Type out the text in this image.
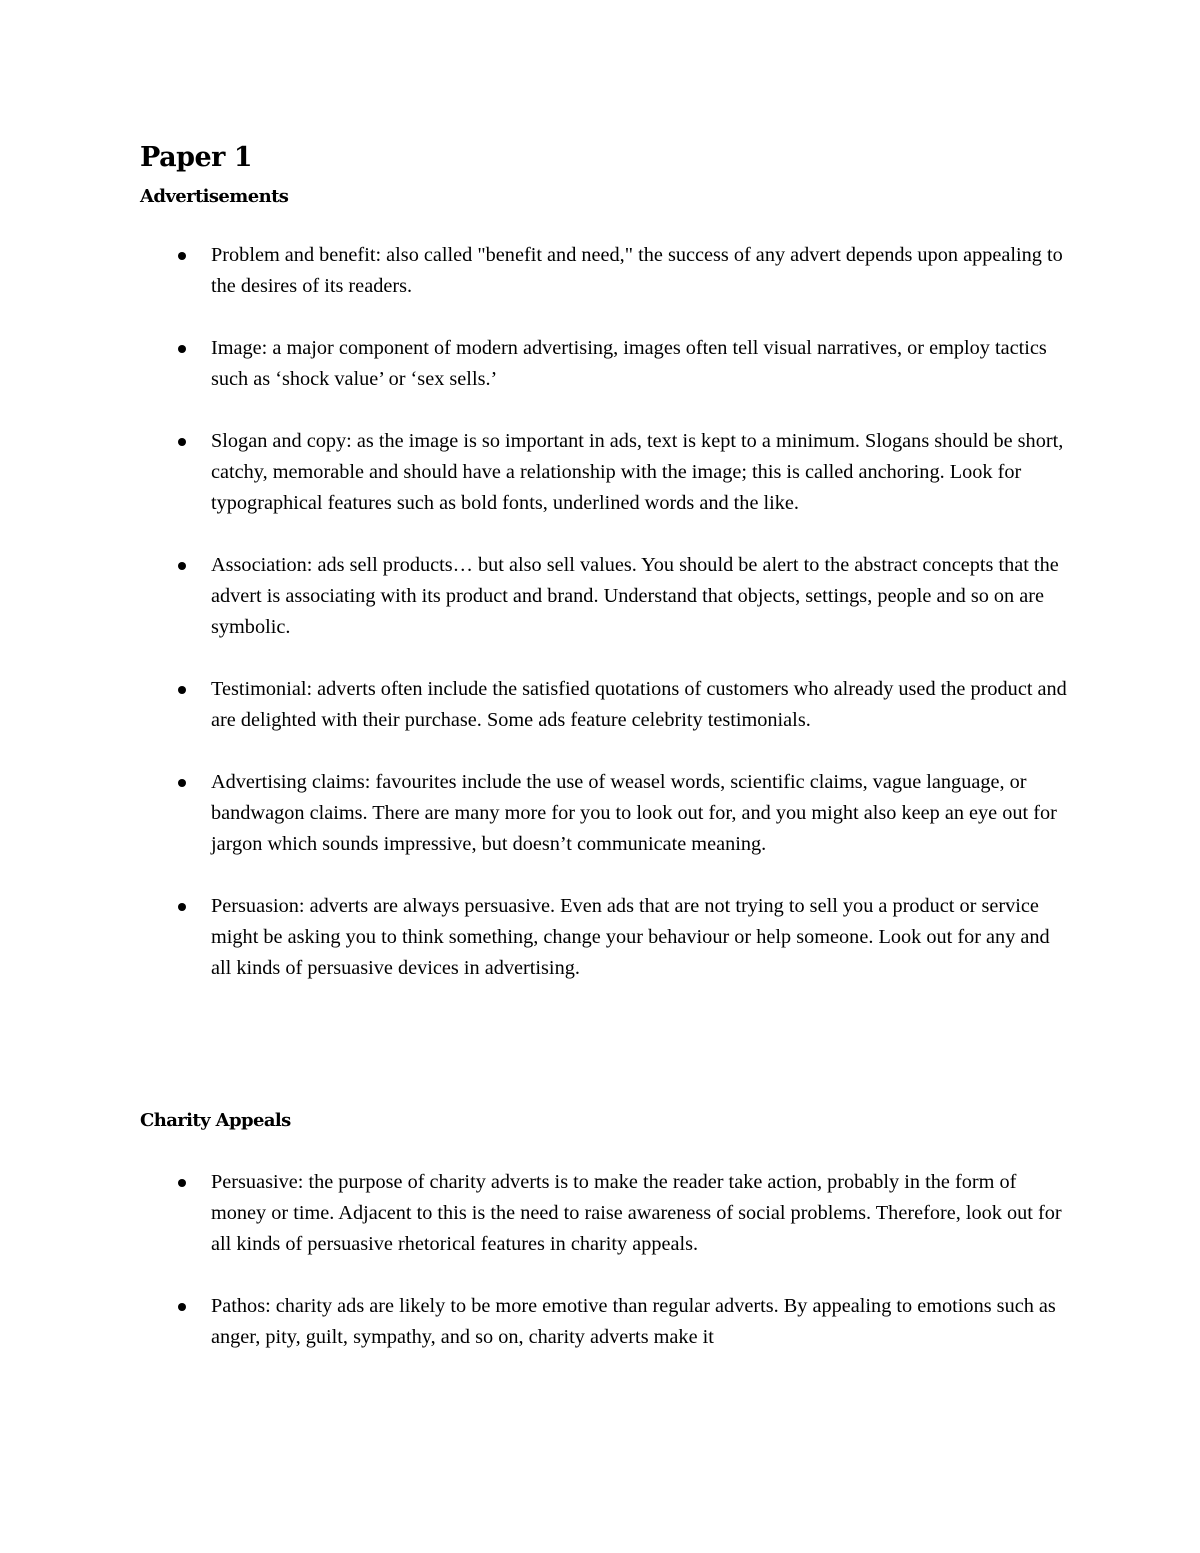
Paper 1
Advertisements
Problem and benefit: also called "benefit and need," the success of any advert depends upon appealing to the desires of its readers.
Image: a major component of modern advertising, images often tell visual narratives, or employ tactics such as ‘shock value’ or ‘sex sells.’
Slogan and copy: as the image is so important in ads, text is kept to a minimum. Slogans should be short, catchy, memorable and should have a relationship with the image; this is called anchoring. Look for typographical features such as bold fonts, underlined words and the like.
Association: ads sell products… but also sell values. You should be alert to the abstract concepts that the advert is associating with its product and brand. Understand that objects, settings, people and so on are symbolic.
Testimonial: adverts often include the satisfied quotations of customers who already used the product and are delighted with their purchase. Some ads feature celebrity testimonials.
Advertising claims: favourites include the use of weasel words, scientific claims, vague language, or bandwagon claims. There are many more for you to look out for, and you might also keep an eye out for jargon which sounds impressive, but doesn’t communicate meaning.
Persuasion: adverts are always persuasive. Even ads that are not trying to sell you a product or service might be asking you to think something, change your behaviour or help someone. Look out for any and all kinds of persuasive devices in advertising.
Charity Appeals
Persuasive: the purpose of charity adverts is to make the reader take action, probably in the form of money or time. Adjacent to this is the need to raise awareness of social problems. Therefore, look out for all kinds of persuasive rhetorical features in charity appeals.
Pathos: charity ads are likely to be more emotive than regular adverts. By appealing to emotions such as anger, pity, guilt, sympathy, and so on, charity adverts make it
